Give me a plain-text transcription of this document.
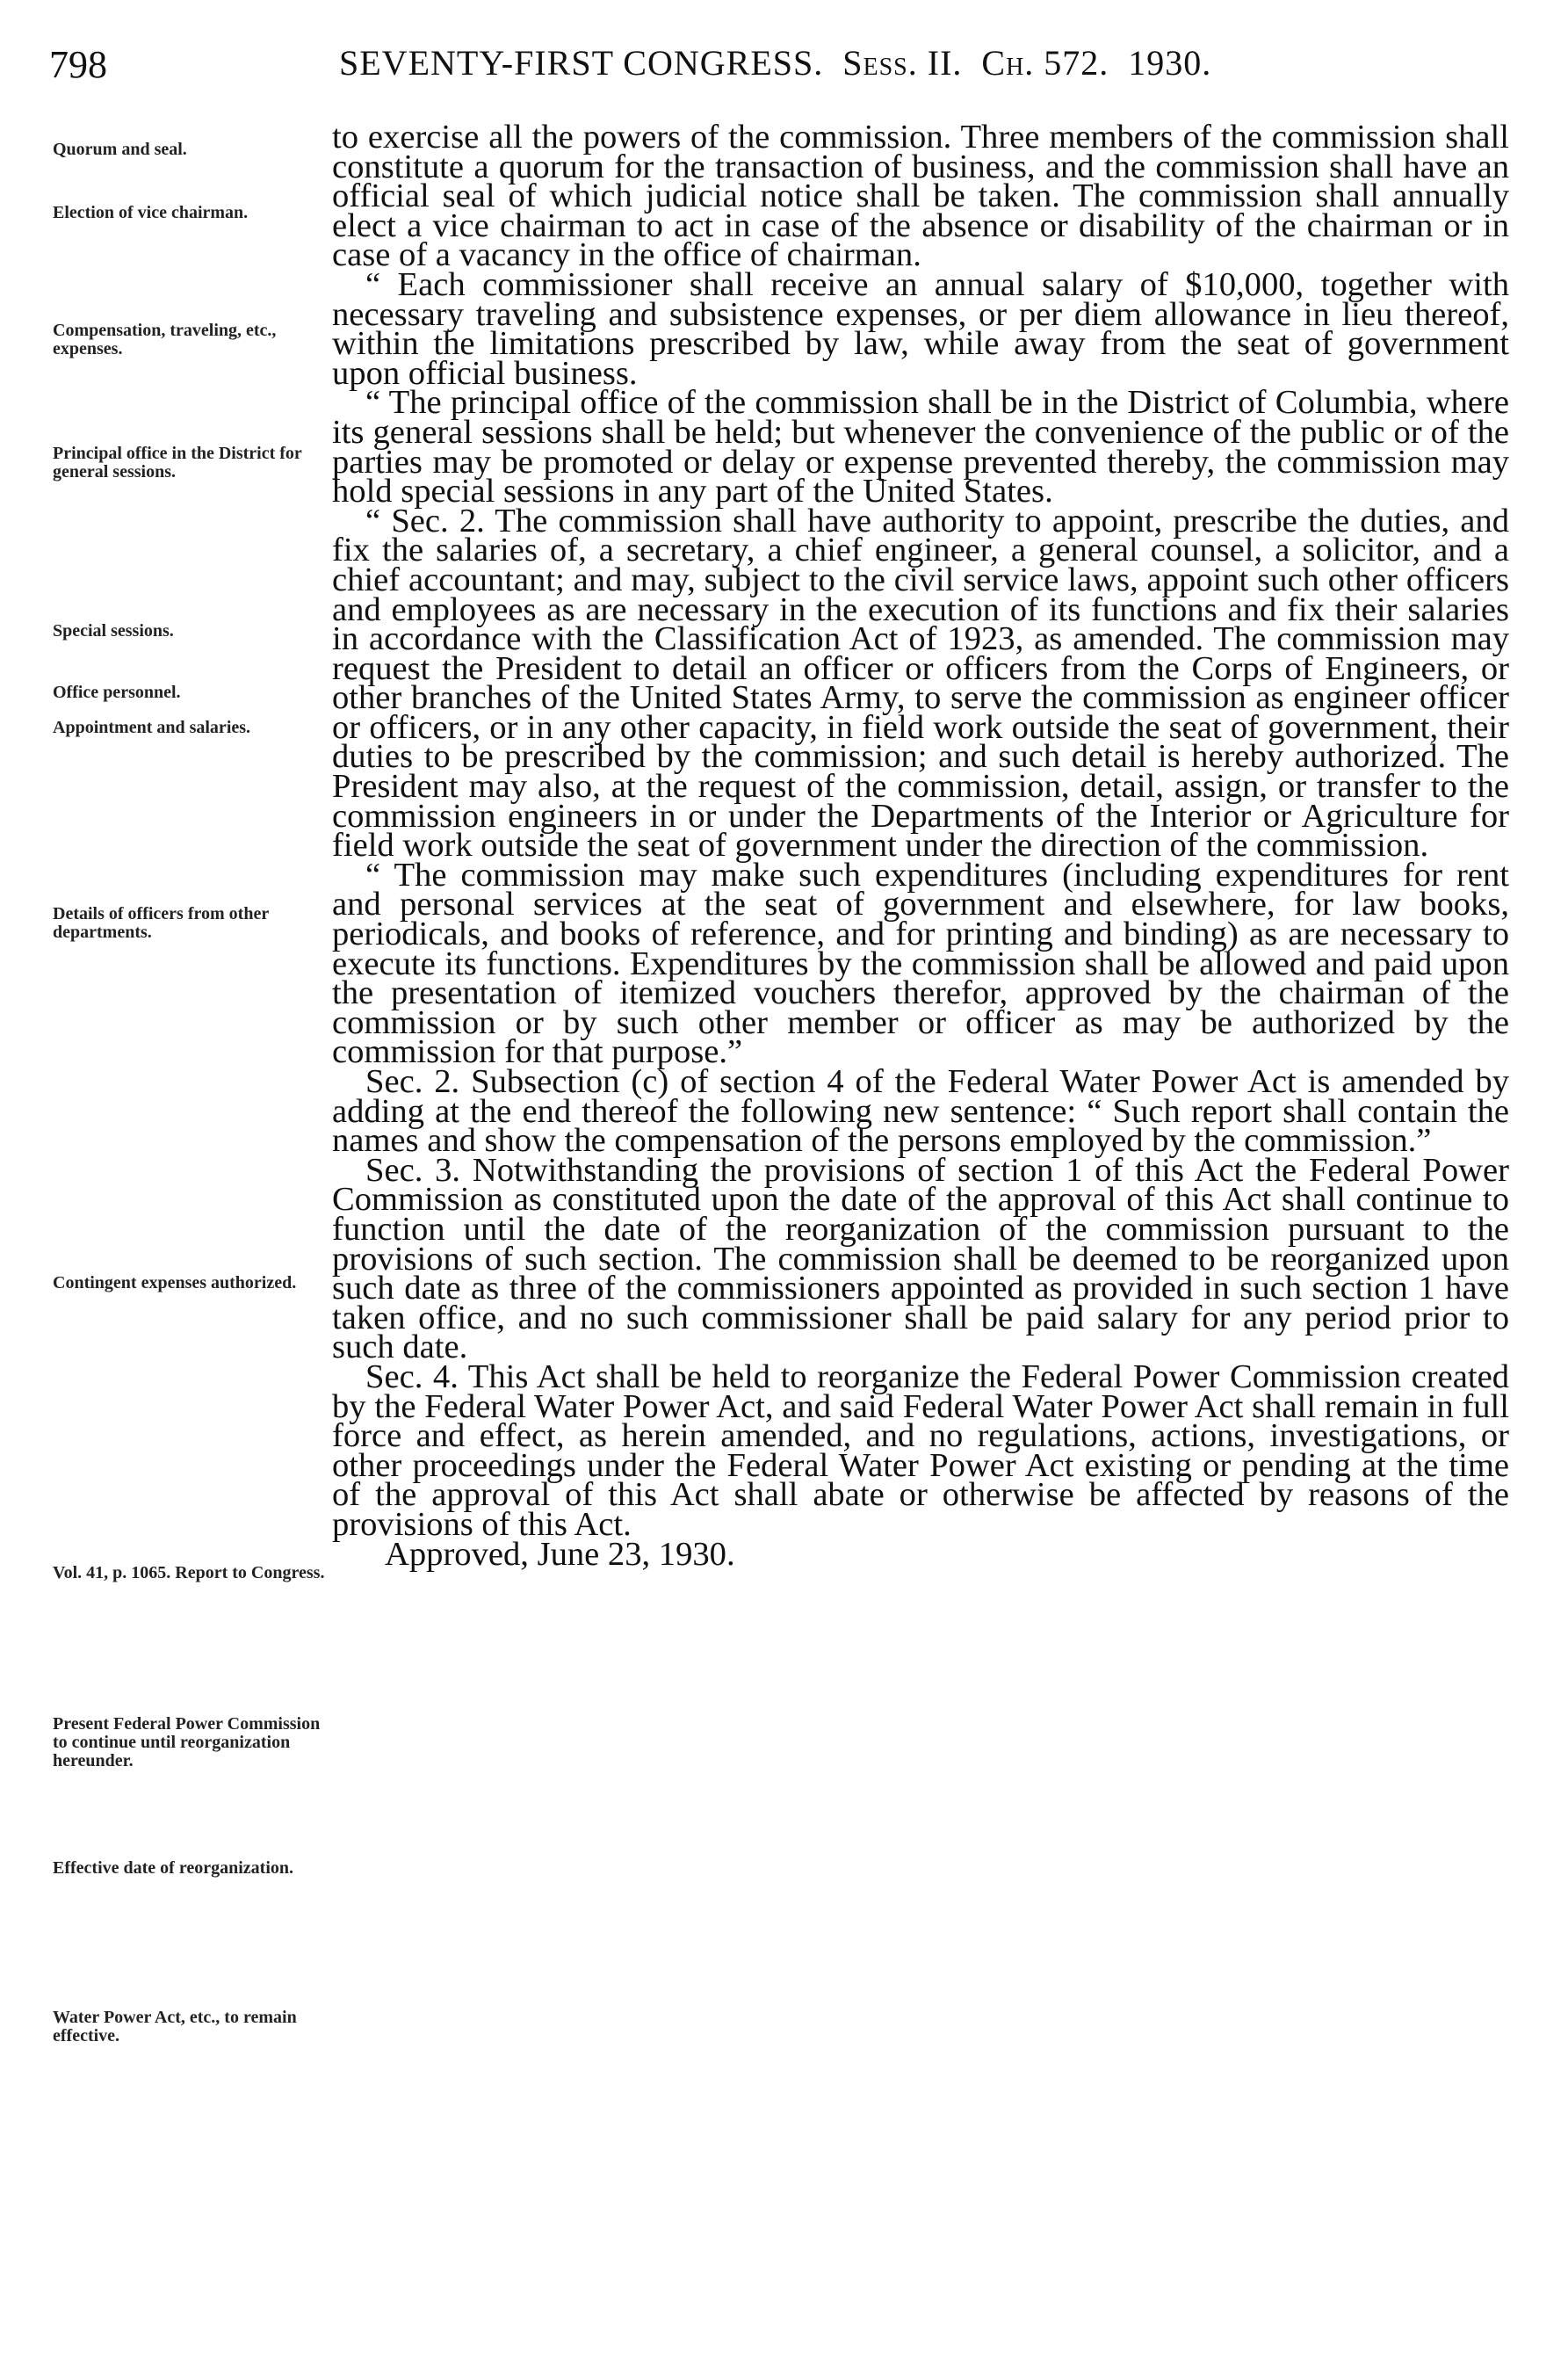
798	SEVENTY-FIRST CONGRESS. Sess. II. Ch. 572. 1930.
Quorum and seal.
Election of vice chairman.
Compensation, traveling, etc., expenses.
Principal office in the District for general sessions.
Special sessions.
Office personnel.
Appointment and salaries.
Details of officers from other departments.
Contingent expenses authorized.
Vol. 41, p. 1065. Report to Congress.
Present Federal Power Commission to continue until reorganization hereunder.
Effective date of reorganization.
Water Power Act, etc., to remain effective.

to exercise all the powers of the commission. Three members of the commission shall constitute a quorum for the transaction of business, and the commission shall have an official seal of which judicial notice shall be taken. The commission shall annually elect a vice chairman to act in case of the absence or disability of the chairman or in case of a vacancy in the office of chairman.

“ Each commissioner shall receive an annual salary of $10,000, together with necessary traveling and subsistence expenses, or per diem allowance in lieu thereof, within the limitations prescribed by law, while away from the seat of government upon official business.

“ The principal office of the commission shall be in the District of Columbia, where its general sessions shall be held; but whenever the convenience of the public or of the parties may be promoted or delay or expense prevented thereby, the commission may hold special sessions in any part of the United States.

“ Sec. 2. The commission shall have authority to appoint, prescribe the duties, and fix the salaries of, a secretary, a chief engineer, a general counsel, a solicitor, and a chief accountant; and may, subject to the civil service laws, appoint such other officers and employees as are necessary in the execution of its functions and fix their salaries in accordance with the Classification Act of 1923, as amended. The commission may request the President to detail an officer or officers from the Corps of Engineers, or other branches of the United States Army, to serve the commission as engineer officer or officers, or in any other capacity, in field work outside the seat of government, their duties to be prescribed by the commission; and such detail is hereby authorized. The President may also, at the request of the commission, detail, assign, or transfer to the commission engineers in or under the Departments of the Interior or Agriculture for field work outside the seat of government under the direction of the commission.

“ The commission may make such expenditures (including expenditures for rent and personal services at the seat of government and elsewhere, for law books, periodicals, and books of reference, and for printing and binding) as are necessary to execute its functions. Expenditures by the commission shall be allowed and paid upon the presentation of itemized vouchers therefor, approved by the chairman of the commission or by such other member or officer as may be authorized by the commission for that purpose.”

Sec. 2. Subsection (c) of section 4 of the Federal Water Power Act is amended by adding at the end thereof the following new sentence: “ Such report shall contain the names and show the compensation of the persons employed by the commission.”

Sec. 3. Notwithstanding the provisions of section 1 of this Act the Federal Power Commission as constituted upon the date of the approval of this Act shall continue to function until the date of the reorganization of the commission pursuant to the provisions of such section. The commission shall be deemed to be reorganized upon such date as three of the commissioners appointed as provided in such section 1 have taken office, and no such commissioner shall be paid salary for any period prior to such date.

Sec. 4. This Act shall be held to reorganize the Federal Power Commission created by the Federal Water Power Act, and said Federal Water Power Act shall remain in full force and effect, as herein amended, and no regulations, actions, investigations, or other proceedings under the Federal Water Power Act existing or pending at the time of the approval of this Act shall abate or otherwise be affected by reasons of the provisions of this Act.

Approved, June 23, 1930.
